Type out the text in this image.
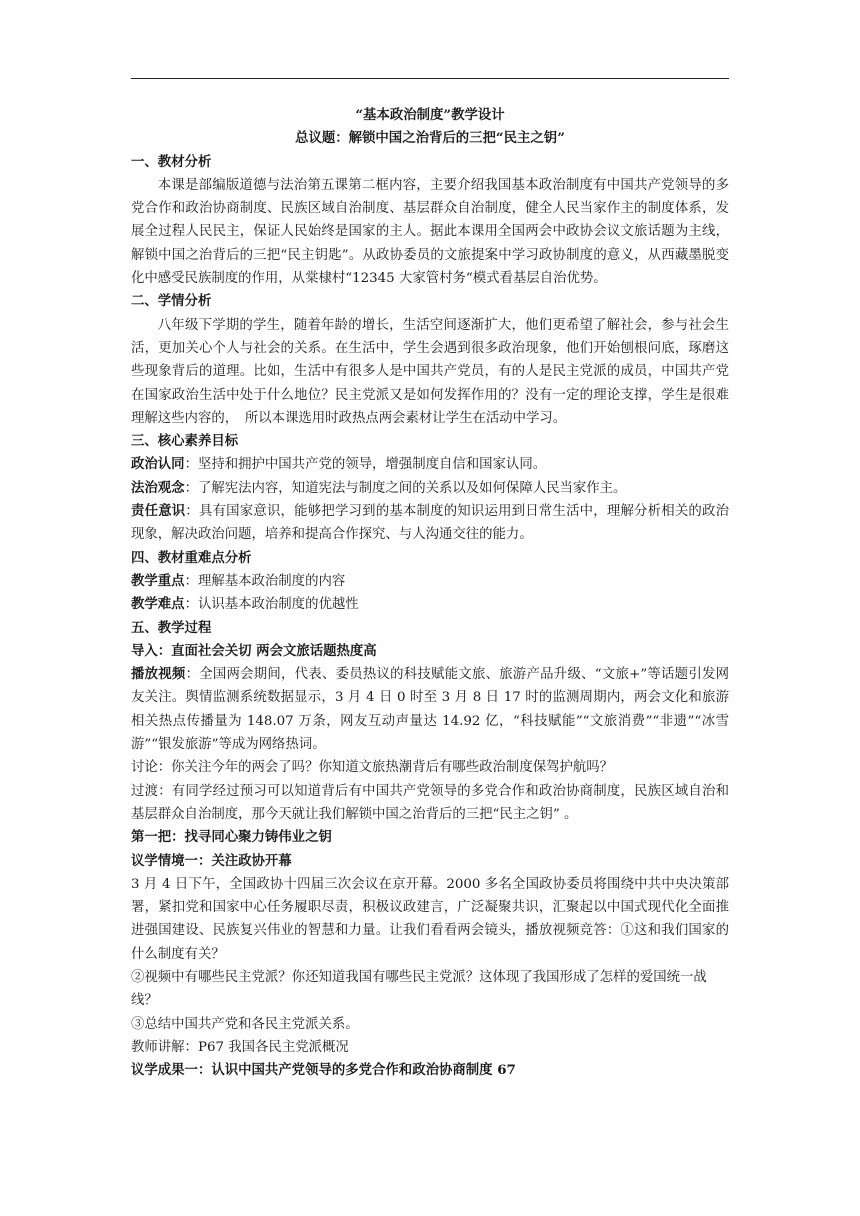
“基本政治制度”教学设计

总议题：解锁中国之治背后的三把“民主之钥”

一、教材分析

本课是部编版道德与法治第五课第二框内容，主要介绍我国基本政治制度有中国共产党领导的多党合作和政治协商制度、民族区域自治制度、基层群众自治制度，健全人民当家作主的制度体系，发展全过程人民民主，保证人民始终是国家的主人。据此本课用全国两会中政协会议文旅话题为主线，解锁中国之治背后的三把“民主钥匙”。从政协委员的文旅提案中学习政协制度的意义，从西藏墨脱变化中感受民族制度的作用，从棠棣村“12345 大家管村务“模式看基层自治优势。

二、学情分析

八年级下学期的学生，随着年龄的增长，生活空间逐渐扩大，他们更希望了解社会，参与社会生活，更加关心个人与社会的关系。在生活中，学生会遇到很多政治现象，他们开始刨根问底，琢磨这些现象背后的道理。比如，生活中有很多人是中国共产党员，有的人是民主党派的成员，中国共产党在国家政治生活中处于什么地位？民主党派又是如何发挥作用的？没有一定的理论支撑，学生是很难理解这些内容的，　所以本课选用时政热点两会素材让学生在活动中学习。

三、核心素养目标

政治认同：坚持和拥护中国共产党的领导，增强制度自信和国家认同。

法治观念：了解宪法内容，知道宪法与制度之间的关系以及如何保障人民当家作主。

责任意识：具有国家意识，能够把学习到的基本制度的知识运用到日常生活中，理解分析相关的政治现象，解决政治问题，培养和提高合作探究、与人沟通交往的能力。

四、教材重难点分析

教学重点：理解基本政治制度的内容

教学难点：认识基本政治制度的优越性

五、教学过程

导入：直面社会关切 两会文旅话题热度高

播放视频：全国两会期间，代表、委员热议的科技赋能文旅、旅游产品升级、“文旅+”等话题引发网友关注。舆情监测系统数据显示，3 月 4 日 0 时至 3 月 8 日 17 时的监测周期内，两会文化和旅游相关热点传播量为 148.07 万条，网友互动声量达 14.92 亿，“科技赋能”“文旅消费”“非遗”“冰雪游”“银发旅游”等成为网络热词。

讨论：你关注今年的两会了吗？你知道文旅热潮背后有哪些政治制度保驾护航吗？

过渡：有同学经过预习可以知道背后有中国共产党领导的多党合作和政治协商制度，民族区域自治和基层群众自治制度，那今天就让我们解锁中国之治背后的三把“民主之钥” 。

第一把：找寻同心聚力铸伟业之钥

议学情境一：关注政协开幕

3 月 4 日下午，全国政协十四届三次会议在京开幕。2000 多名全国政协委员将围绕中共中央决策部署，紧扣党和国家中心任务履职尽责，积极议政建言，广泛凝聚共识，汇聚起以中国式现代化全面推进强国建设、民族复兴伟业的智慧和力量。让我们看看两会镜头，播放视频竞答：①这和我们国家的什么制度有关？

②视频中有哪些民主党派？你还知道我国有哪些民主党派？这体现了我国形成了怎样的爱国统一战线？

③总结中国共产党和各民主党派关系。

教师讲解：P67 我国各民主党派概况

议学成果一：认识中国共产党领导的多党合作和政治协商制度 67
